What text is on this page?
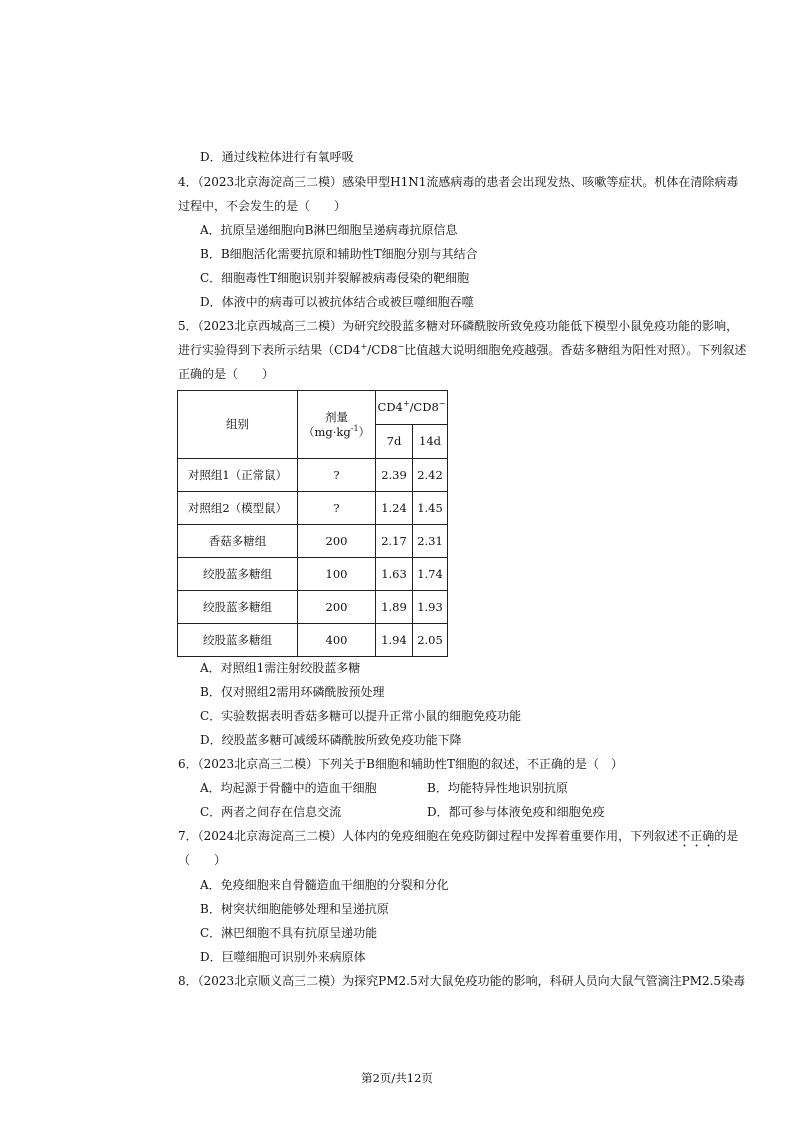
D．通过线粒体进行有氧呼吸
4．（2023北京海淀高三二模）感染甲型H1N1流感病毒的患者会出现发热、咳嗽等症状。机体在清除病毒
过程中，不会发生的是（　　）
A．抗原呈递细胞向B淋巴细胞呈递病毒抗原信息
B．B细胞活化需要抗原和辅助性T细胞分别与其结合
C．细胞毒性T细胞识别并裂解被病毒侵染的靶细胞
D．体液中的病毒可以被抗体结合或被巨噬细胞吞噬
5．（2023北京西城高三二模）为研究绞股蓝多糖对环磷酰胺所致免疫功能低下模型小鼠免疫功能的影响，
进行实验得到下表所示结果（CD4+/CD8−比值越大说明细胞免疫越强。香菇多糖组为阳性对照）。下列叙述
正确的是（　　）
组别	剂量
$(mg\cdot kg^{-1})$	CD4+/CD8−
		7d	14d
对照组1（正常鼠）	?	2.39	2.42
对照组2（模型鼠）	?	1.24	1.45
香菇多糖组	200	2.17	2.31
绞股蓝多糖组	100	1.63	1.74
绞股蓝多糖组	200	1.89	1.93
绞股蓝多糖组	400	1.94	2.05
A．对照组1需注射绞股蓝多糖
B．仅对照组2需用环磷酰胺预处理
C．实验数据表明香菇多糖可以提升正常小鼠的细胞免疫功能
D．绞股蓝多糖可减缓环磷酰胺所致免疫功能下降
6．（2023北京高三二模）下列关于B细胞和辅助性T细胞的叙述，不正确的是（　）
A．均起源于骨髓中的造血干细胞	B．均能特异性地识别抗原
C．两者之间存在信息交流	D．都可参与体液免疫和细胞免疫
7．（2024北京海淀高三二模）人体内的免疫细胞在免疫防御过程中发挥着重要作用，下列叙述不正确的是
（　　）
A．免疫细胞来自骨髓造血干细胞的分裂和分化
B．树突状细胞能够处理和呈递抗原
C．淋巴细胞不具有抗原呈递功能
D．巨噬细胞可识别外来病原体
8．（2023北京顺义高三二模）为探究PM2.5对大鼠免疫功能的影响，科研人员向大鼠气管滴注PM2.5染毒
第2页/共12页
